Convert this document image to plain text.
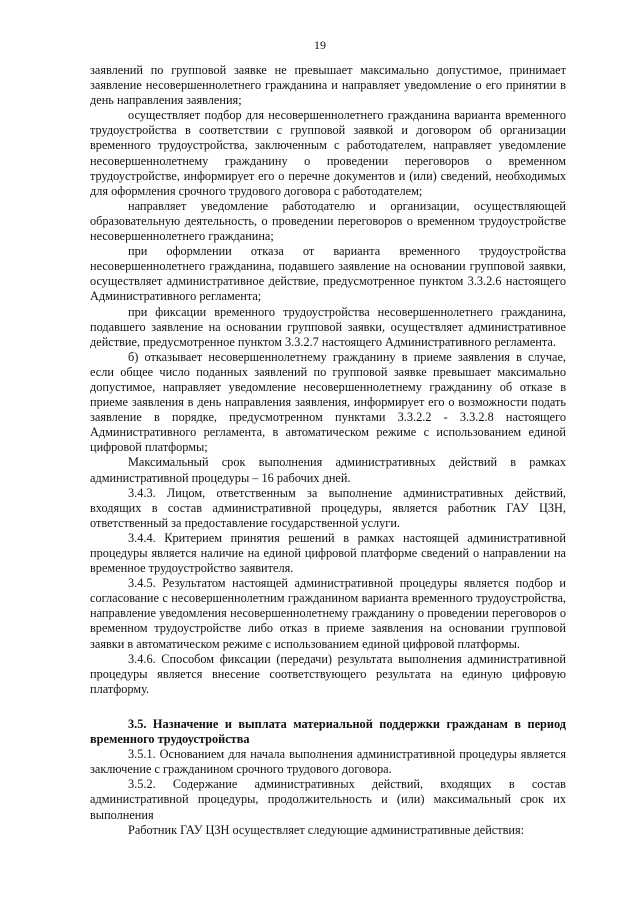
19

заявлений по групповой заявке не превышает максимально допустимое, принимает заявление несовершеннолетнего гражданина и направляет уведомление о его принятии в день направления заявления;

осуществляет подбор для несовершеннолетнего гражданина варианта временного трудоустройства в соответствии с групповой заявкой и договором об организации временного трудоустройства, заключенным с работодателем, направляет уведомление несовершеннолетнему гражданину о проведении переговоров о временном трудоустройстве, информирует его о перечне документов и (или) сведений, необходимых для оформления срочного трудового договора с работодателем;

направляет уведомление работодателю и организации, осуществляющей образовательную деятельность, о проведении переговоров о временном трудоустройстве несовершеннолетнего гражданина;

при оформлении отказа от варианта временного трудоустройства несовершеннолетнего гражданина, подавшего заявление на основании групповой заявки, осуществляет административное действие, предусмотренное пунктом 3.3.2.6 настоящего Административного регламента;

при фиксации временного трудоустройства несовершеннолетнего гражданина, подавшего заявление на основании групповой заявки, осуществляет административное действие, предусмотренное пунктом 3.3.2.7 настоящего Административного регламента.

б) отказывает несовершеннолетнему гражданину в приеме заявления в случае, если общее число поданных заявлений по групповой заявке превышает максимально допустимое, направляет уведомление несовершеннолетнему гражданину об отказе в приеме заявления в день направления заявления, информирует его о возможности подать заявление в порядке, предусмотренном пунктами 3.3.2.2 - 3.3.2.8 настоящего Административного регламента, в автоматическом режиме с использованием единой цифровой платформы;

Максимальный срок выполнения административных действий в рамках административной процедуры – 16 рабочих дней.

3.4.3. Лицом, ответственным за выполнение административных действий, входящих в состав административной процедуры, является работник ГАУ ЦЗН, ответственный за предоставление государственной услуги.

3.4.4. Критерием принятия решений в рамках настоящей административной процедуры является наличие на единой цифровой платформе сведений о направлении на временное трудоустройство заявителя.

3.4.5. Результатом настоящей административной процедуры является подбор и согласование с несовершеннолетним гражданином варианта временного трудоустройства, направление уведомления несовершеннолетнему гражданину о проведении переговоров о временном трудоустройстве либо отказ в приеме заявления на основании групповой заявки в автоматическом режиме с использованием единой цифровой платформы.

3.4.6. Способом фиксации (передачи) результата выполнения административной процедуры является внесение соответствующего результата на единую цифровую платформу.

3.5. Назначение и выплата материальной поддержки гражданам в период временного трудоустройства

3.5.1. Основанием для начала выполнения административной процедуры является заключение с гражданином срочного трудового договора.

3.5.2. Содержание административных действий, входящих в состав административной процедуры, продолжительность и (или) максимальный срок их выполнения

Работник ГАУ ЦЗН осуществляет следующие административные действия:
